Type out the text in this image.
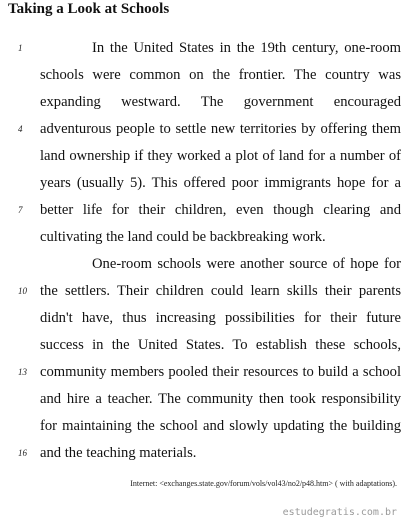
Taking a Look at Schools
1
4
7
10
13
16
In the United States in the 19th century, one-room
schools were common on the frontier. The country was
expanding westward. The government encouraged
adventurous people to settle new territories by offering them
land ownership if they worked a plot of land for a number of
years (usually 5). This offered poor immigrants hope for a
better life for their children, even though clearing and
cultivating the land could be backbreaking work.
One-room schools were another source of hope for
the settlers. Their children could learn skills their parents
didn't have, thus increasing possibilities for their future
success in the United States. To establish these schools,
community members pooled their resources to build a school
and hire a teacher. The community then took responsibility
for maintaining the school and slowly updating the building
and the teaching materials.
Internet: <exchanges.state.gov/forum/vols/vol43/no2/p48.htm> ( with adaptations).
estudegratis.com.br
